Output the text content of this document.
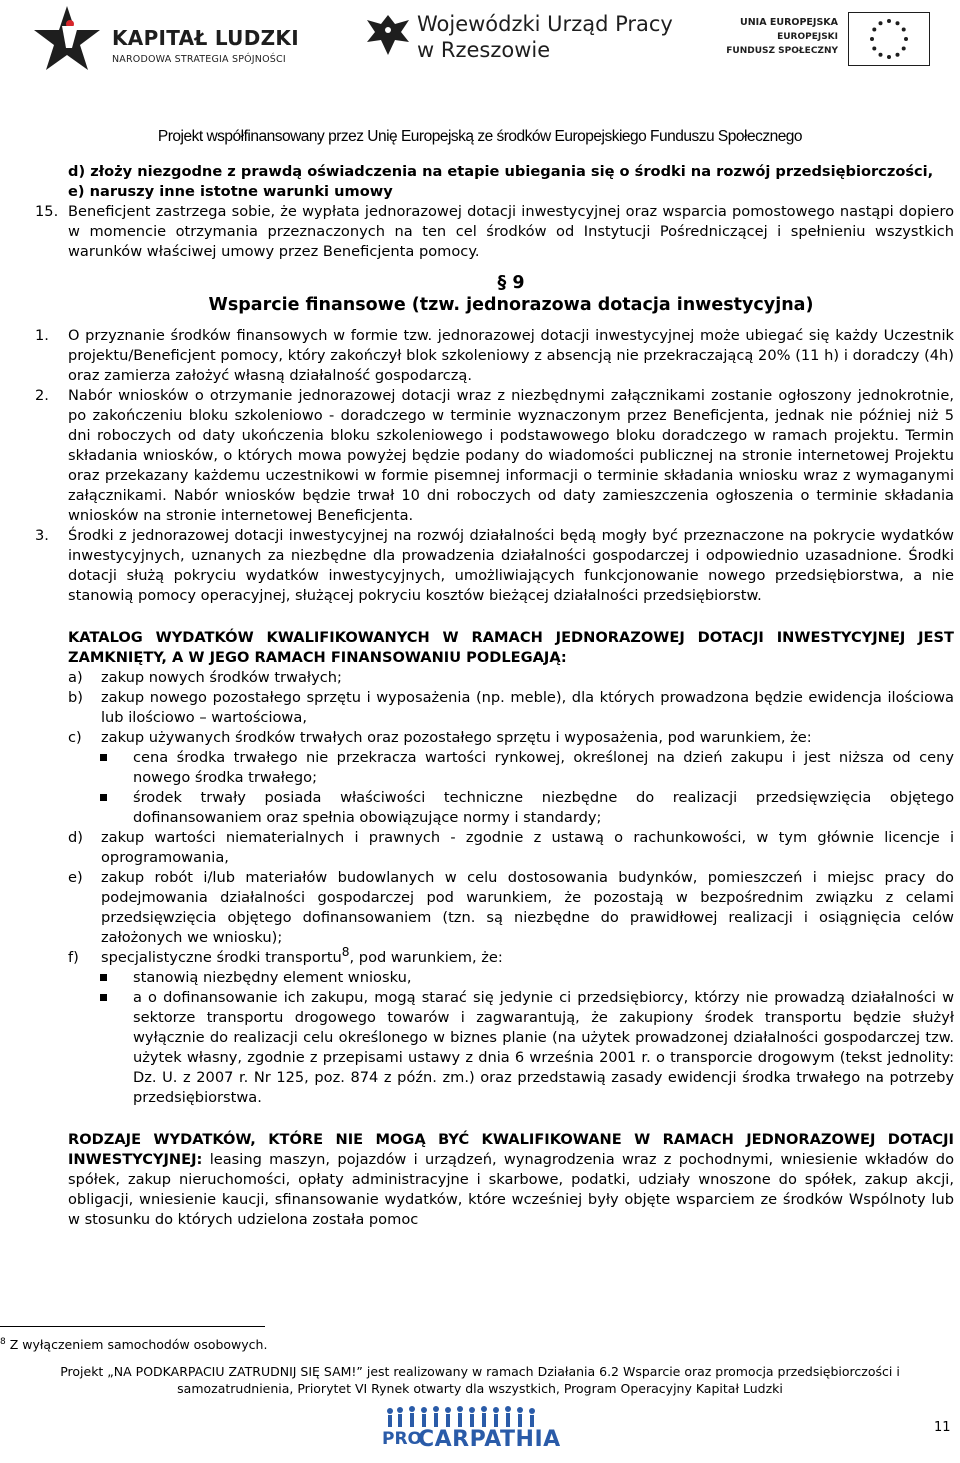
KAPITAŁ LUDZKI
NARODOWA STRATEGIA SPÓJNOŚCI
Wojewódzki Urząd Pracy
w Rzeszowie
UNIA EUROPEJSKA
EUROPEJSKI
FUNDUSZ SPOŁECZNY
Projekt współfinansowany przez Unię Europejską ze środków Europejskiego Funduszu Społecznego

d) złoży niezgodne z prawdą oświadczenia na etapie ubiegania się o środki na rozwój przedsiębiorczości,

e) naruszy inne istotne warunki umowy

15. Beneficjent zastrzega sobie, że wypłata jednorazowej dotacji inwestycyjnej oraz wsparcia pomostowego nastąpi dopiero w momencie otrzymania przeznaczonych na ten cel środków od Instytucji Pośredniczącej i spełnieniu wszystkich warunków właściwej umowy przez Beneficjenta pomocy.

§ 9

Wsparcie finansowe (tzw. jednorazowa dotacja inwestycyjna)

1. O przyznanie środków finansowych w formie tzw. jednorazowej dotacji inwestycyjnej może ubiegać się każdy Uczestnik projektu/Beneficjent pomocy, który zakończył blok szkoleniowy z absencją nie przekraczającą 20% (11 h) i doradczy (4h) oraz zamierza założyć własną działalność gospodarczą.

2. Nabór wniosków o otrzymanie jednorazowej dotacji wraz z niezbędnymi załącznikami zostanie ogłoszony jednokrotnie, po zakończeniu bloku szkoleniowo - doradczego w terminie wyznaczonym przez Beneficjenta, jednak nie później niż 5 dni roboczych od daty ukończenia bloku szkoleniowego i podstawowego bloku doradczego w ramach projektu. Termin składania wniosków, o których mowa powyżej będzie podany do wiadomości publicznej na stronie internetowej Projektu oraz przekazany każdemu uczestnikowi w formie pisemnej informacji o terminie składania wniosku wraz z wymaganymi załącznikami. Nabór wniosków będzie trwał 10 dni roboczych od daty zamieszczenia ogłoszenia o terminie składania wniosków na stronie internetowej Beneficjenta.

3. Środki z jednorazowej dotacji inwestycyjnej na rozwój działalności będą mogły być przeznaczone na pokrycie wydatków inwestycyjnych, uznanych za niezbędne dla prowadzenia działalności gospodarczej i odpowiednio uzasadnione. Środki dotacji służą pokryciu wydatków inwestycyjnych, umożliwiających funkcjonowanie nowego przedsiębiorstwa, a nie stanowią pomocy operacyjnej, służącej pokryciu kosztów bieżącej działalności przedsiębiorstw.

KATALOG WYDATKÓW KWALIFIKOWANYCH W RAMACH JEDNORAZOWEJ DOTACJI INWESTYCYJNEJ JEST ZAMKNIĘTY, A W JEGO RAMACH FINANSOWANIU PODLEGAJĄ:

a) zakup nowych środków trwałych;
b) zakup nowego pozostałego sprzętu i wyposażenia (np. meble), dla których prowadzona będzie ewidencja ilościowa lub ilościowo – wartościowa,
c) zakup używanych środków trwałych oraz pozostałego sprzętu i wyposażenia, pod warunkiem, że:
cena środka trwałego nie przekracza wartości rynkowej, określonej na dzień zakupu i jest niższa od ceny nowego środka trwałego;
środek trwały posiada właściwości techniczne niezbędne do realizacji przedsięwzięcia objętego dofinansowaniem oraz spełnia obowiązujące normy i standardy;
d) zakup wartości niematerialnych i prawnych - zgodnie z ustawą o rachunkowości, w tym głównie licencje i oprogramowania,
e) zakup robót i/lub materiałów budowlanych w celu dostosowania budynków, pomieszczeń i miejsc pracy do podejmowania działalności gospodarczej pod warunkiem, że pozostają w bezpośrednim związku z celami przedsięwzięcia objętego dofinansowaniem (tzn. są niezbędne do prawidłowej realizacji i osiągnięcia celów założonych we wniosku);
f) specjalistyczne środki transportu$^8$, pod warunkiem, że:
stanowią niezbędny element wniosku,
a o dofinansowanie ich zakupu, mogą starać się jedynie ci przedsiębiorcy, którzy nie prowadzą działalności w sektorze transportu drogowego towarów i zagwarantują, że zakupiony środek transportu będzie służył wyłącznie do realizacji celu określonego w biznes planie (na użytek prowadzonej działalności gospodarczej tzw. użytek własny, zgodnie z przepisami ustawy z dnia 6 września 2001 r. o transporcie drogowym (tekst jednolity: Dz. U. z 2007 r. Nr 125, poz. 874 z późn. zm.) oraz przedstawią zasady ewidencji środka trwałego na potrzeby przedsiębiorstwa.

RODZAJE WYDATKÓW, KTÓRE NIE MOGĄ BYĆ KWALIFIKOWANE W RAMACH JEDNORAZOWEJ DOTACJI INWESTYCYJNEJ: leasing maszyn, pojazdów i urządzeń, wynagrodzenia wraz z pochodnymi, wniesienie wkładów do spółek, zakup nieruchomości, opłaty administracyjne i skarbowe, podatki, udziały wnoszone do spółek, zakup akcji, obligacji, wniesienie kaucji, sfinansowanie wydatków, które wcześniej były objęte wsparciem ze środków Wspólnoty lub w stosunku do których udzielona została pomoc

$^8$ Z wyłączeniem samochodów osobowych.
Projekt „NA PODKARPACIU ZATRUDNIJ SIĘ SAM!” jest realizowany w ramach Działania 6.2 Wsparcie oraz promocja przedsiębiorczości i
samozatrudnienia, Priorytet VI Rynek otwarty dla wszystkich, Program Operacyjny Kapitał Ludzki
PRO
CARPATHIA	11
